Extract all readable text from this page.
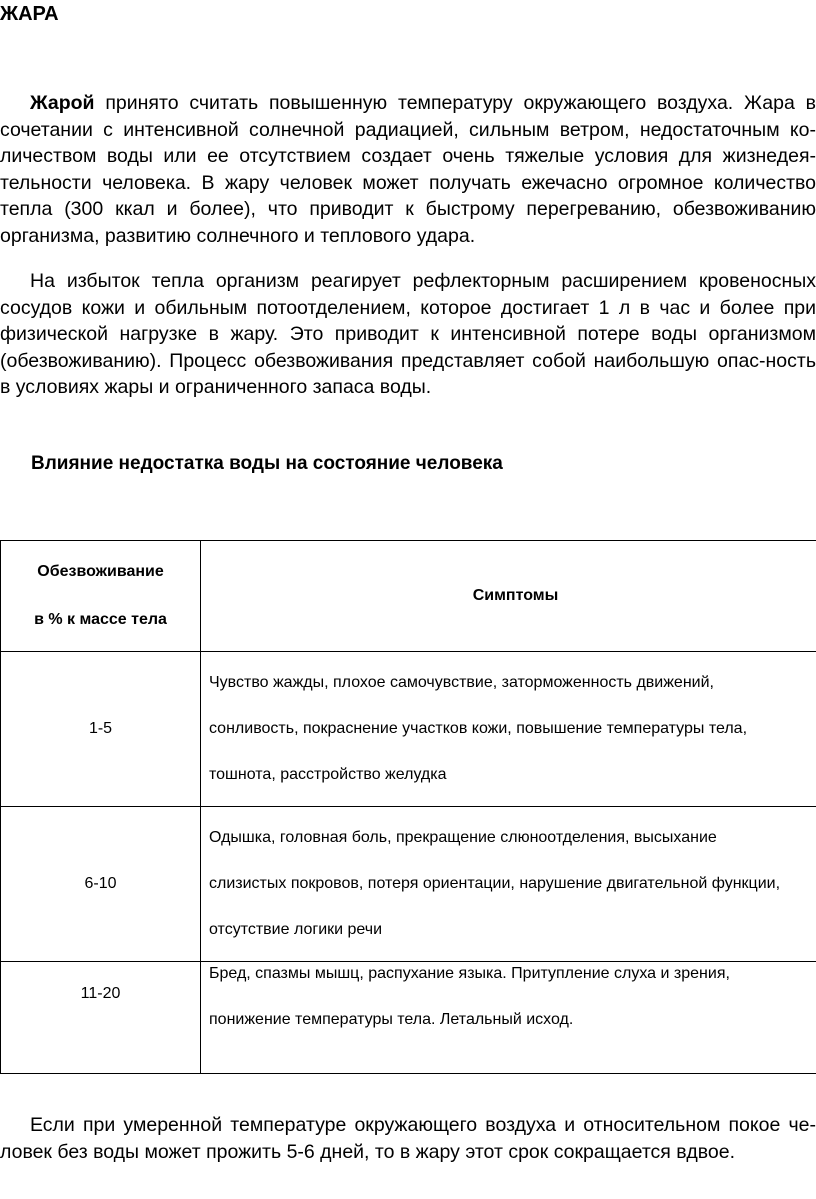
ЖАРА

Жарой принято считать повышенную температуру окружающего воздуха. Жара в сочетании с интенсивной солнечной радиацией, сильным ветром, недостаточным ко-личеством воды или ее отсутствием создает очень тяжелые условия для жизнедея-тельности человека. В жару человек может получать ежечасно огромное количество тепла (300 ккал и более), что приводит к быстрому перегреванию, обезвоживанию организма, развитию солнечного и теплового удара.

На избыток тепла организм реагирует рефлекторным расширением кровеносных сосудов кожи и обильным потоотделением, которое достигает 1 л в час и более при физической нагрузке в жару. Это приводит к интенсивной потере воды организмом (обезвоживанию). Процесс обезвоживания представляет собой наибольшую опас-ность в условиях жары и ограниченного запаса воды.

Влияние недостатка воды на состояние человека
Обезвоживание
в % к массе тела	Симптомы
1-5	Чувство жажды, плохое самочувствие, заторможенность движений,
сонливость, покраснение участков кожи, повышение температуры тела,
тошнота, расстройство желудка

6-10	Одышка, головная боль, прекращение слюноотделения, высыхание
слизистых покровов, потеря ориентации, нарушение двигательной функции,
отсутствие логики речи

11-20	Бред, спазмы мышц, распухание языка. Притупление слуха и зрения,
понижение температуры тела. Летальный исход.

Если при умеренной температуре окружающего воздуха и относительном покое че-ловек без воды может прожить 5-6 дней, то в жару этот срок сокращается вдвое.
